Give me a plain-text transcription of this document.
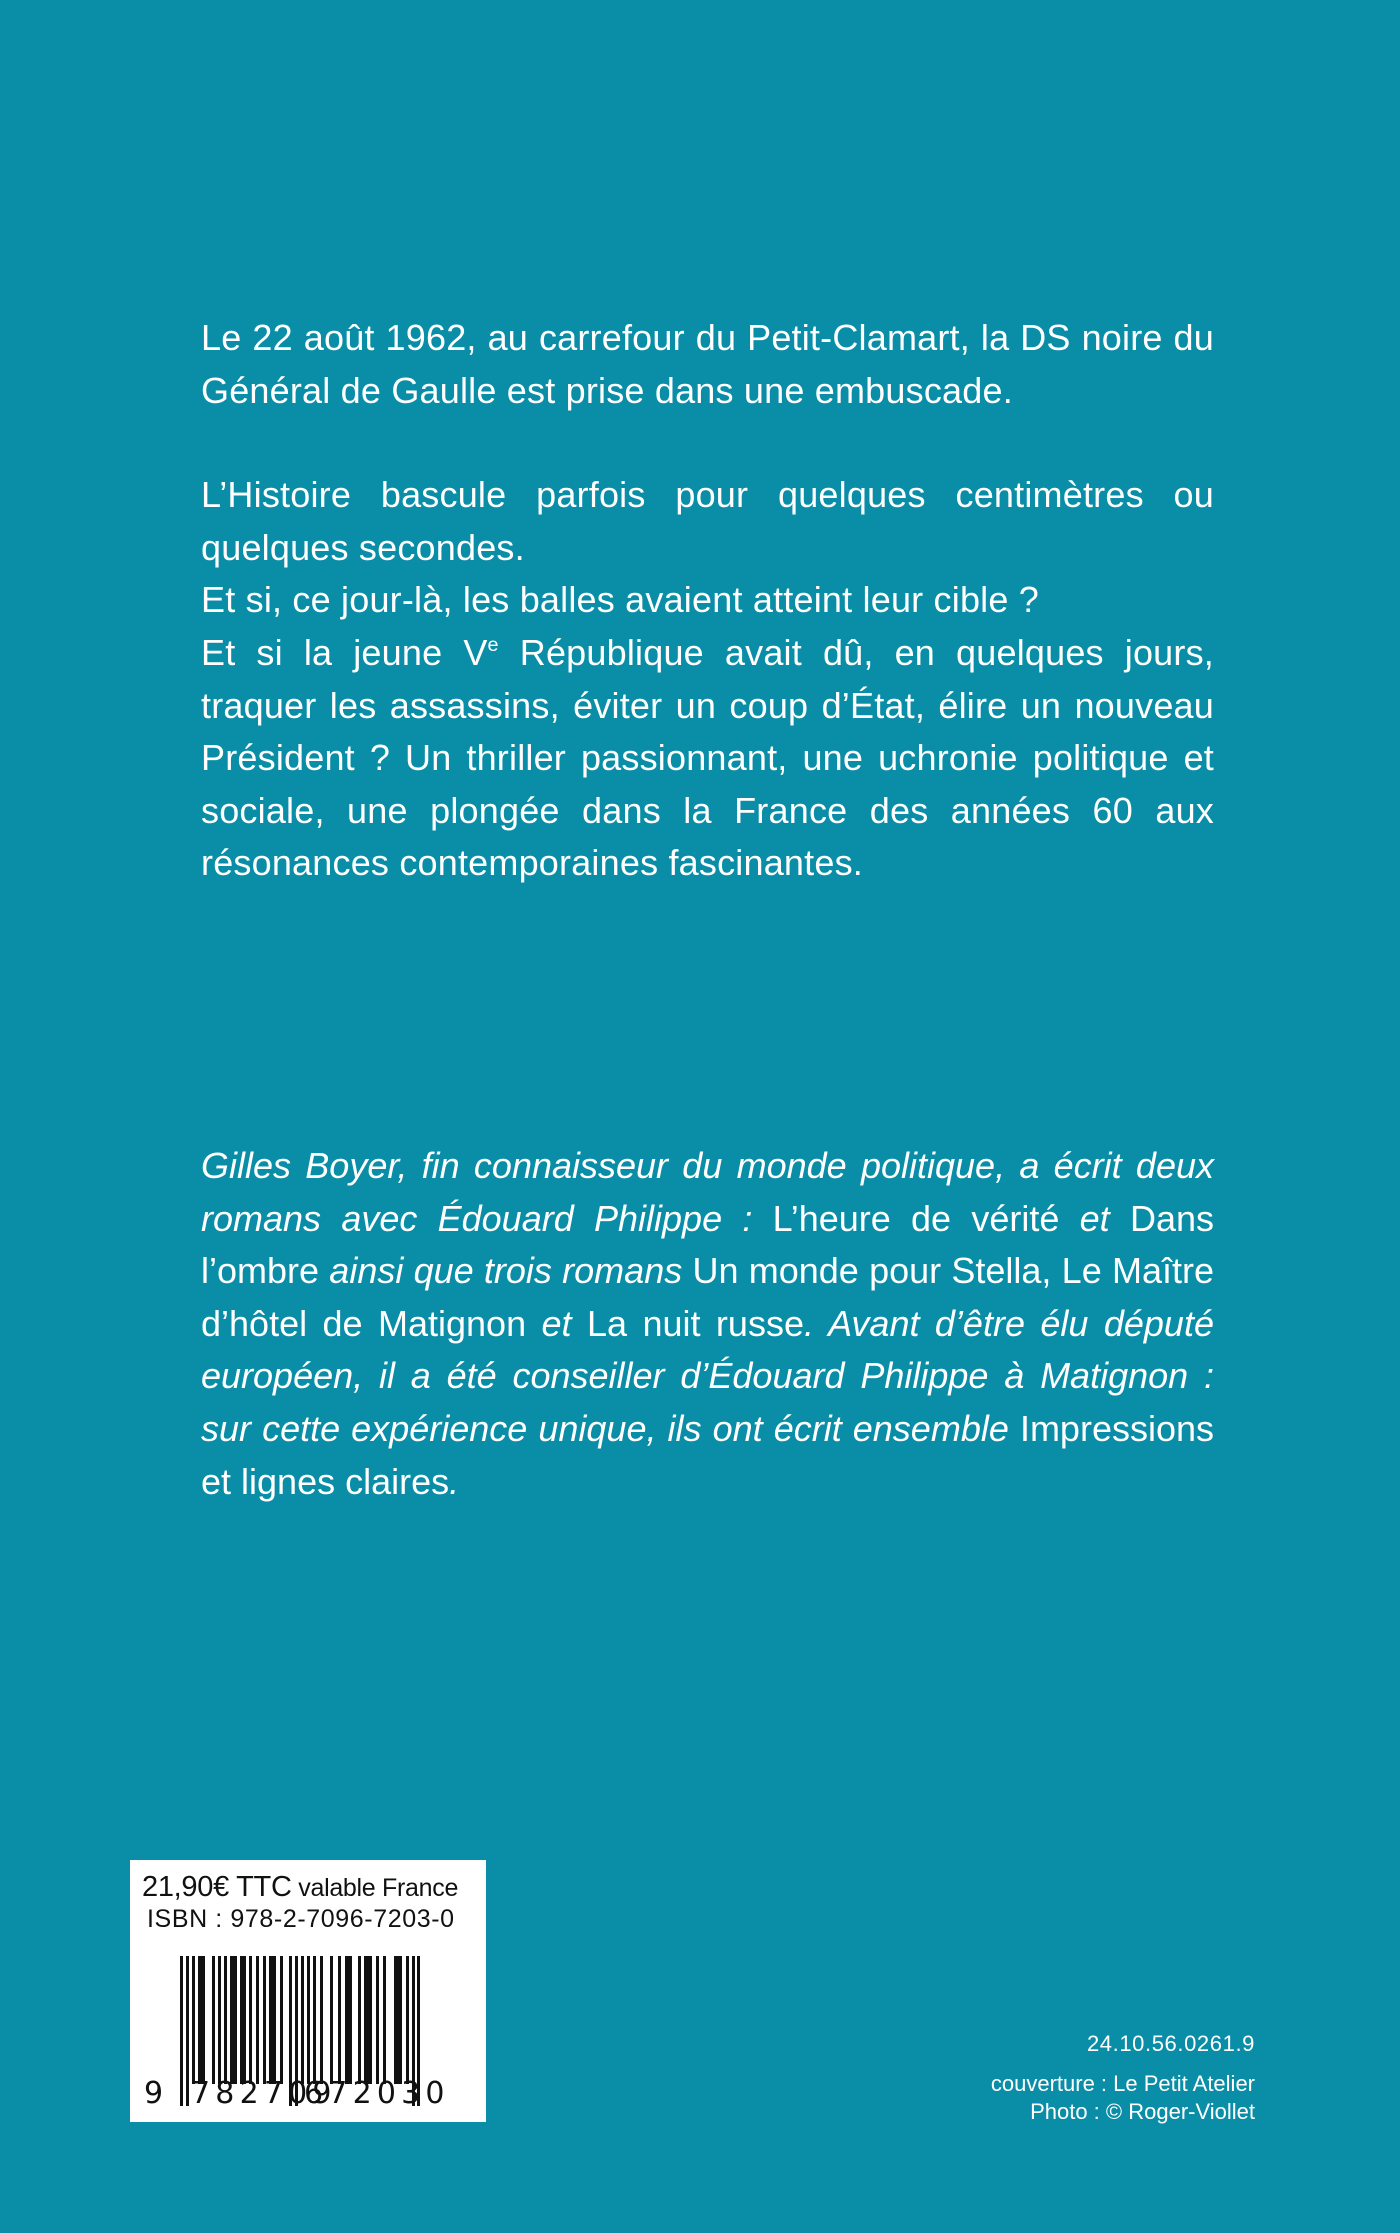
Le 22 août 1962, au carrefour du Petit-Clamart, la DS noire du Général de Gaulle est prise dans une embuscade.

L’Histoire bascule parfois pour quelques centimètres ou quelques secondes.

Et si, ce jour-là, les balles avaient atteint leur cible ?

Et si la jeune Ve République avait dû, en quelques jours, traquer les assassins, éviter un coup d’État, élire un nouveau Président ? Un thriller passionnant, une uchronie politique et sociale, une plongée dans la France des années 60 aux résonances contemporaines fascinantes.

Gilles Boyer, fin connaisseur du monde politique, a écrit deux romans avec Édouard Philippe : L’heure de vérité et Dans l’ombre ainsi que trois romans Un monde pour Stella, Le Maître d’hôtel de Matignon et La nuit russe. Avant d’être élu député européen, il a été conseiller d’Édouard Philippe à Matignon : sur cette expérience unique, ils ont écrit ensemble Impressions et lignes claires.
21,90€ TTC valable France
ISBN : 978-2-7096-7203-0
9 782709
672030
24.10.56.0261.9
couverture : Le Petit Atelier
Photo : © Roger-Viollet
